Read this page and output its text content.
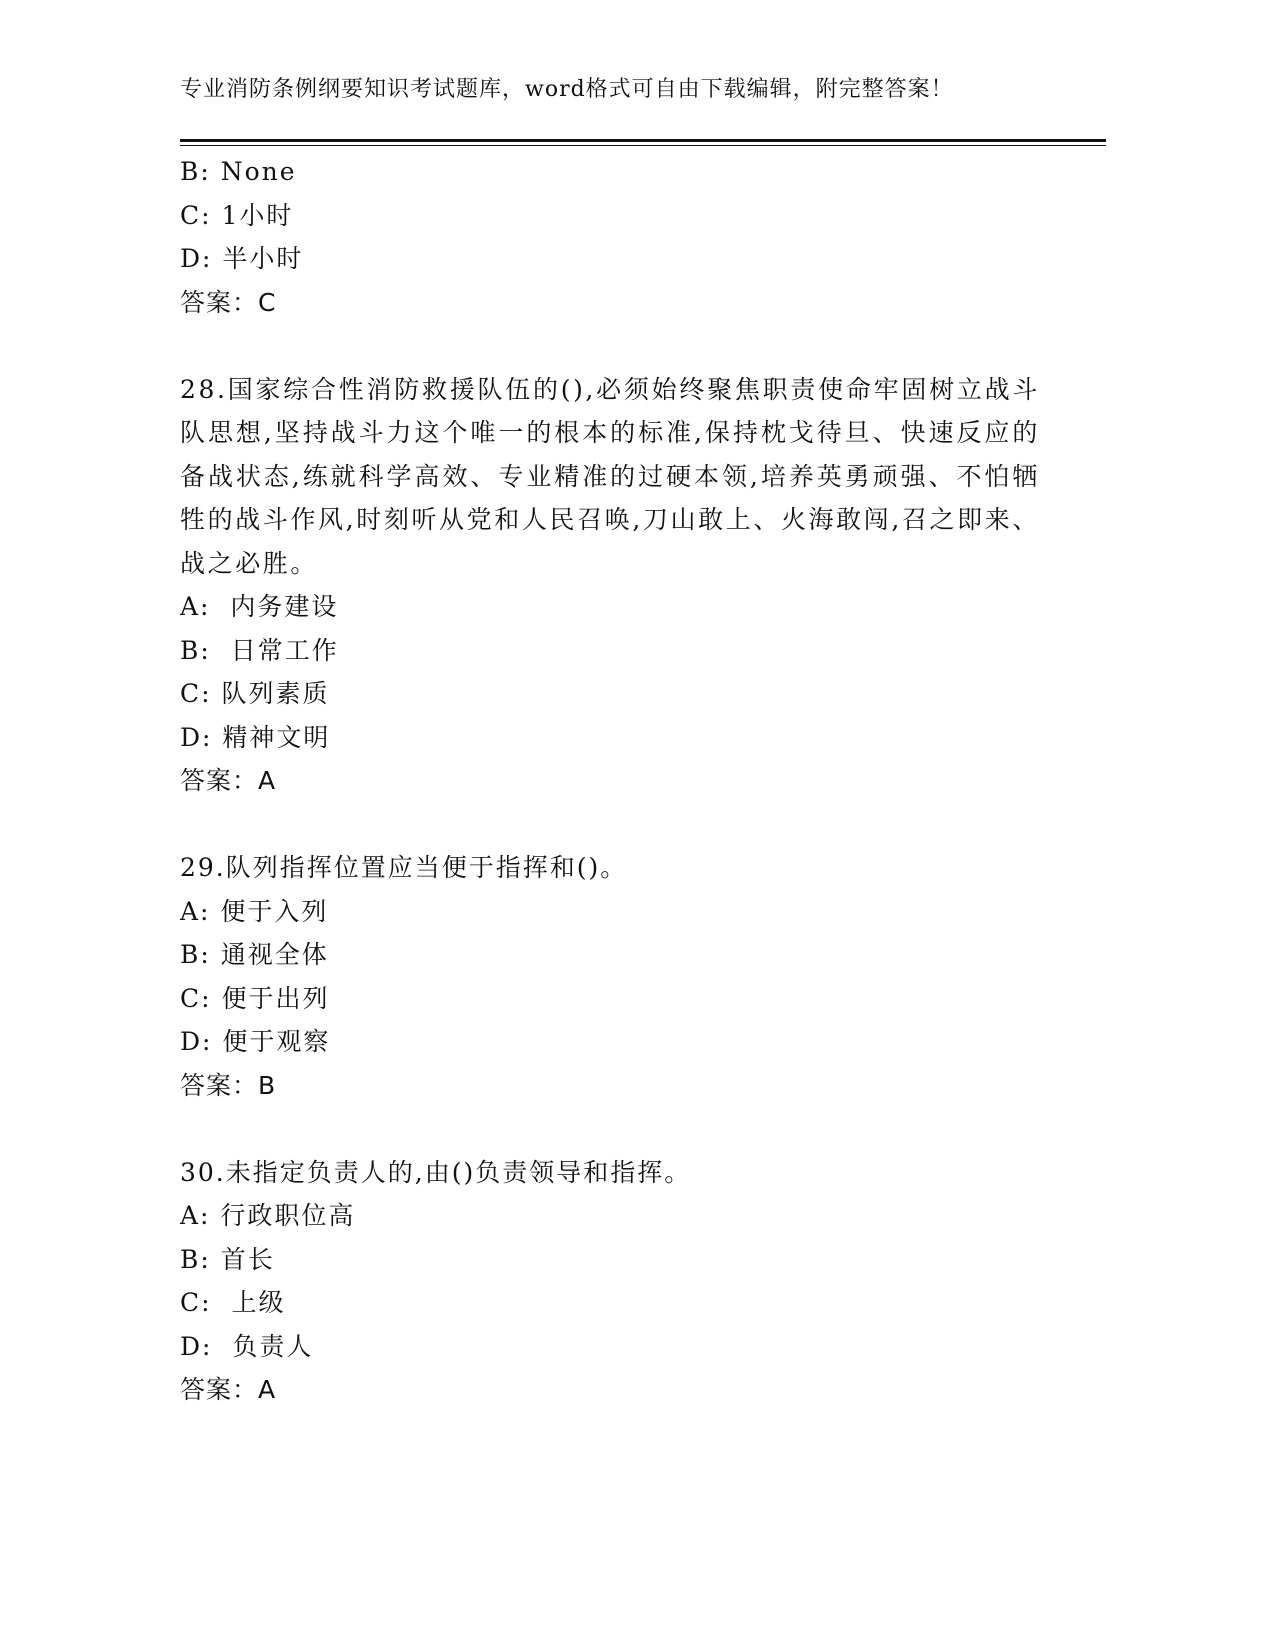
专业消防条例纲要知识考试题库，word格式可自由下载编辑，附完整答案！
B: None
C: 1小时
D: 半小时
答案：C
28.国家综合性消防救援队伍的(),必须始终聚焦职责使命牢固树立战斗队思想,坚持战斗力这个唯一的根本的标准,保持枕戈待旦、快速反应的备战状态,练就科学高效、专业精准的过硬本领,培养英勇顽强、不怕牺牲的战斗作风,时刻听从党和人民召唤,刀山敢上、火海敢闯,召之即来、战之必胜。
A:  内务建设
B:  日常工作
C: 队列素质
D: 精神文明
答案：A
29.队列指挥位置应当便于指挥和()。
A: 便于入列
B: 通视全体
C: 便于出列
D: 便于观察
答案：B
30.未指定负责人的,由()负责领导和指挥。
A: 行政职位高
B: 首长
C:  上级
D:  负责人
答案：A
